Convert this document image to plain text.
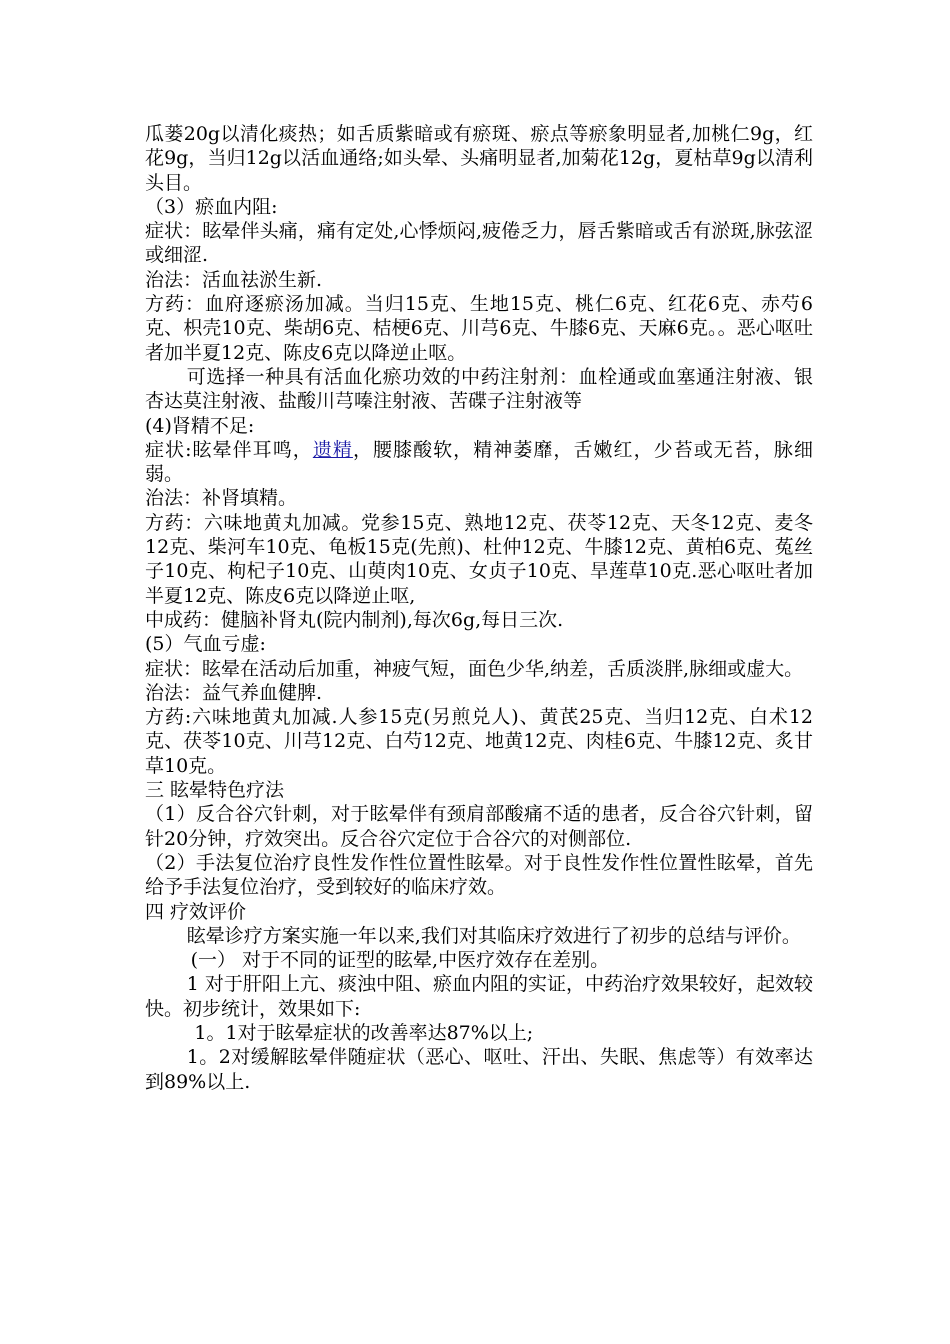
瓜蒌20g以清化痰热；如舌质紫暗或有瘀斑、瘀点等瘀象明显者,加桃仁9g，红花9g，当归12g以活血通络;如头晕、头痛明显者,加菊花12g，夏枯草9g以清利头目。

（3）瘀血内阻:

症状：眩晕伴头痛，痛有定处,心悸烦闷,疲倦乏力，唇舌紫暗或舌有淤斑,脉弦涩或细涩.

治法：活血祛淤生新.

方药：血府逐瘀汤加减。当归15克、生地15克、桃仁6克、红花6克、赤芍6克、枳壳10克、柴胡6克、桔梗6克、川芎6克、牛膝6克、天麻6克。。恶心呕吐者加半夏12克、陈皮6克以降逆止呕。

可选择一种具有活血化瘀功效的中药注射剂：血栓通或血塞通注射液、银杏达莫注射液、盐酸川芎嗪注射液、苦碟子注射液等

(4)肾精不足:

症状:眩晕伴耳鸣，遗精，腰膝酸软，精神萎靡，舌嫩红，少苔或无苔，脉细弱。

治法：补肾填精。

方药：六味地黄丸加减。党参15克、熟地12克、茯苓12克、天冬12克、麦冬12克、柴河车10克、龟板15克(先煎)、杜仲12克、牛膝12克、黄柏6克、菟丝子10克、枸杞子10克、山萸肉10克、女贞子10克、旱莲草10克.恶心呕吐者加半夏12克、陈皮6克以降逆止呕,

中成药：健脑补肾丸(院内制剂),每次6g,每日三次.

(5）气血亏虚:

症状：眩晕在活动后加重，神疲气短，面色少华,纳差，舌质淡胖,脉细或虚大。

治法：益气养血健脾.

方药:六味地黄丸加减.人参15克(另煎兑人)、黄芪25克、当归12克、白术12克、茯苓10克、川芎12克、白芍12克、地黄12克、肉桂6克、牛膝12克、炙甘草10克。

三 眩晕特色疗法

（1）反合谷穴针刺，对于眩晕伴有颈肩部酸痛不适的患者，反合谷穴针刺，留针20分钟，疗效突出。反合谷穴定位于合谷穴的对侧部位.

（2）手法复位治疗良性发作性位置性眩晕。对于良性发作性位置性眩晕，首先给予手法复位治疗，受到较好的临床疗效。

四 疗效评价

眩晕诊疗方案实施一年以来,我们对其临床疗效进行了初步的总结与评价。

(一） 对于不同的证型的眩晕,中医疗效存在差别。

1 对于肝阳上亢、痰浊中阻、瘀血内阻的实证，中药治疗效果较好，起效较快。初步统计，效果如下:

1。1对于眩晕症状的改善率达87%以上;

1。2对缓解眩晕伴随症状（恶心、呕吐、汗出、失眠、焦虑等）有效率达到89%以上.
